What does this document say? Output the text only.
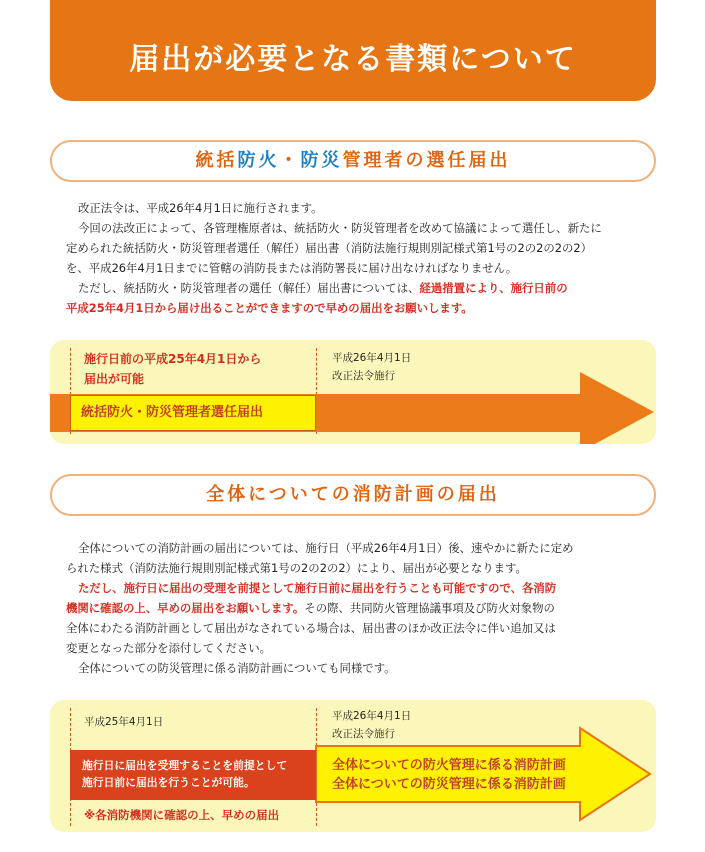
届出が必要となる書類について
統括防火・防災管理者の選任届出
改正法令は、平成26年4月1日に施行されます。
今回の法改正によって、各管理権原者は、統括防火・防災管理者を改めて協議によって選任し、新たに
定められた統括防火・防災管理者選任（解任）届出書（消防法施行規則別記様式第1号の2の2の2の2）
を、平成26年4月1日までに管轄の消防長または消防署長に届け出なければなりません。
ただし、統括防火・防災管理者の選任（解任）届出書については、経過措置により、施行日前の
平成25年4月1日から届け出ることができますので早めの届出をお願いします。
施行日前の平成25年4月1日から
届出が可能
平成26年4月1日
改正法令施行
統括防火・防災管理者選任届出
全体についての消防計画の届出
全体についての消防計画の届出については、施行日（平成26年4月1日）後、速やかに新たに定め
られた様式（消防法施行規則別記様式第1号の2の2の2）により、届出が必要となります。
ただし、施行日に届出の受理を前提として施行日前に届出を行うことも可能ですので、各消防
機関に確認の上、早めの届出をお願いします。その際、共同防火管理協議事項及び防火対象物の
全体にわたる消防計画として届出がなされている場合は、届出書のほか改正法令に伴い追加又は
変更となった部分を添付してください。
全体についての防災管理に係る消防計画についても同様です。
平成25年4月1日	平成26年4月1日
改正法令施行
施行日に届出を受理することを前提として
施行日前に届出を行うことが可能。
全体についての防火管理に係る消防計画
全体についての防災管理に係る消防計画
※各消防機関に確認の上、早めの届出
